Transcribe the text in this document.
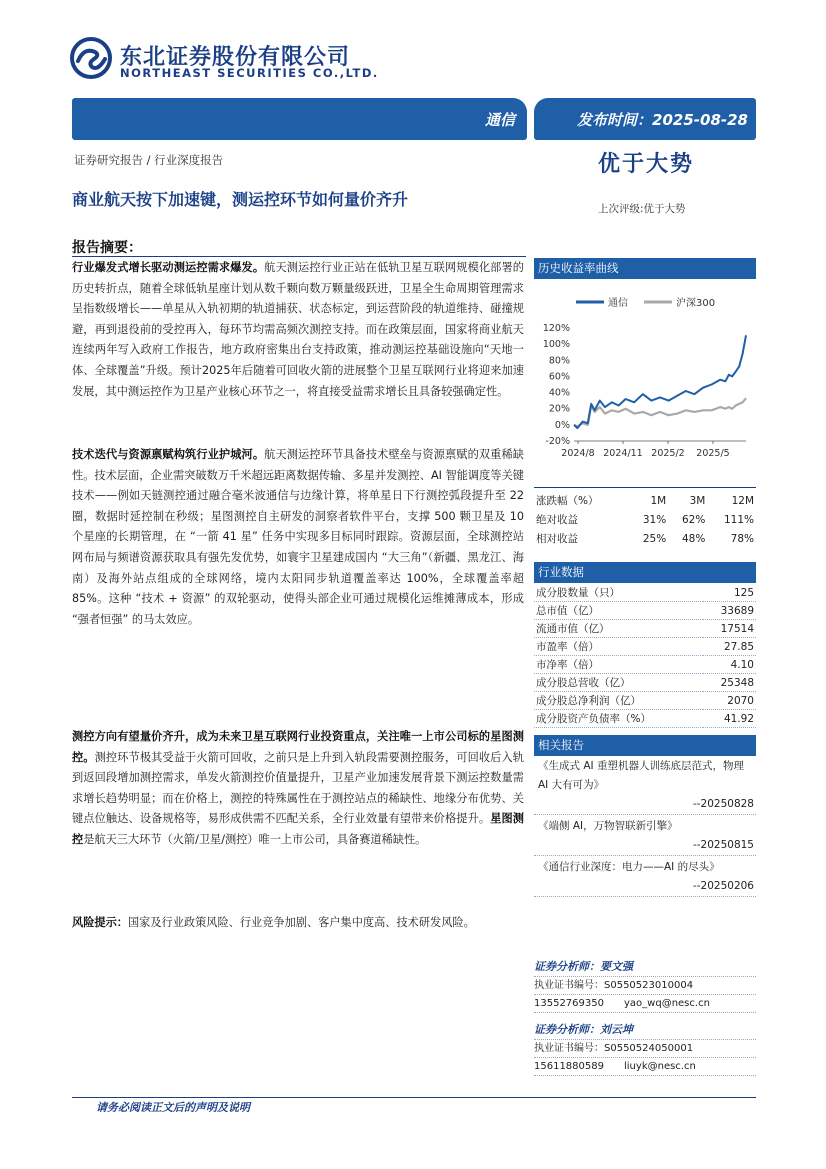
东北证券股份有限公司
NORTHEAST SECURITIES CO.,LTD.
通信	发布时间：2025-08-28
证券研究报告 / 行业深度报告	优于大势
上次评级:优于大势
商业航天按下加速键，测运控环节如何量价齐升
报告摘要：
行业爆发式增长驱动测运控需求爆发。航天测运控行业正站在低轨卫星互联网规模化部署的历史转折点，随着全球低轨星座计划从数千颗向数万颗量级跃进，卫星全生命周期管理需求呈指数级增长——单星从入轨初期的轨道捕获、状态标定，到运营阶段的轨道维持、碰撞规避，再到退役前的受控再入，每环节均需高频次测控支持。而在政策层面，国家将商业航天连续两年写入政府工作报告，地方政府密集出台支持政策，推动测运控基础设施向“天地一体、全球覆盖”升级。预计2025年后随着可回收火箭的进展整个卫星互联网行业将迎来加速发展，其中测运控作为卫星产业核心环节之一，将直接受益需求增长且具备较强确定性。
技术迭代与资源禀赋构筑行业护城河。航天测运控环节具备技术壁垒与资源禀赋的双重稀缺性。技术层面，企业需突破数万千米超远距离数据传输、多星并发测控、AI 智能调度等关键技术——例如天链测控通过融合毫米波通信与边缘计算，将单星日下行测控弧段提升至 22 圈，数据时延控制在秒级；星图测控自主研发的洞察者软件平台，支撑 500 颗卫星及 10 个星座的长期管理，在 “一箭 41 星” 任务中实现多目标同时跟踪。资源层面，全球测控站网布局与频谱资源获取具有强先发优势，如寰宇卫星建成国内 “大三角”（新疆、黑龙江、海南）及海外站点组成的全球网络，境内太阳同步轨道覆盖率达 100%，全球覆盖率超 85%。这种 “技术 + 资源” 的双轮驱动，使得头部企业可通过规模化运维摊薄成本，形成 “强者恒强” 的马太效应。
测控方向有望量价齐升，成为未来卫星互联网行业投资重点，关注唯一上市公司标的星图测控。测控环节极其受益于火箭可回收，之前只是上升到入轨段需要测控服务，可回收后入轨到返回段增加测控需求，单发火箭测控价值量提升，卫星产业加速发展背景下测运控数量需求增长趋势明显；而在价格上，测控的特殊属性在于测控站点的稀缺性、地缘分布优势、关键点位触达、设备规格等，易形成供需不匹配关系，全行业效量有望带来价格提升。星图测控是航天三大环节（火箭/卫星/测控）唯一上市公司，具备赛道稀缺性。
风险提示：国家及行业政策风险、行业竞争加剧、客户集中度高、技术研发风险。
历史收益率曲线
通信	沪深300
120%
100%
80%
60%
40%
20%
0%
-20%
2024/8 2024/11 2025/2 2025/5
涨跌幅（%）	1M	3M	12M
绝对收益	31%	62%	111%
相对收益	25%	48%	78%
行业数据
成分股数量（只）	125
总市值（亿）	33689
流通市值（亿）	17514
市盈率（倍）	27.85
市净率（倍）	4.10
成分股总营收（亿）	25348
成分股总净利润（亿）	2070
成分股资产负债率（%）	41.92
相关报告
《生成式 AI 重塑机器人训练底层范式，物理 AI 大有可为》
--20250828
《端侧 AI，万物智联新引擎》
--20250815
《通信行业深度：电力——AI 的尽头》
--20250206
证券分析师：要文强
执业证书编号：S0550523010004
13552769350	yao_wq@nesc.cn
证券分析师：刘云坤
执业证书编号：S0550524050001
15611880589	liuyk@nesc.cn
请务必阅读正文后的声明及说明
